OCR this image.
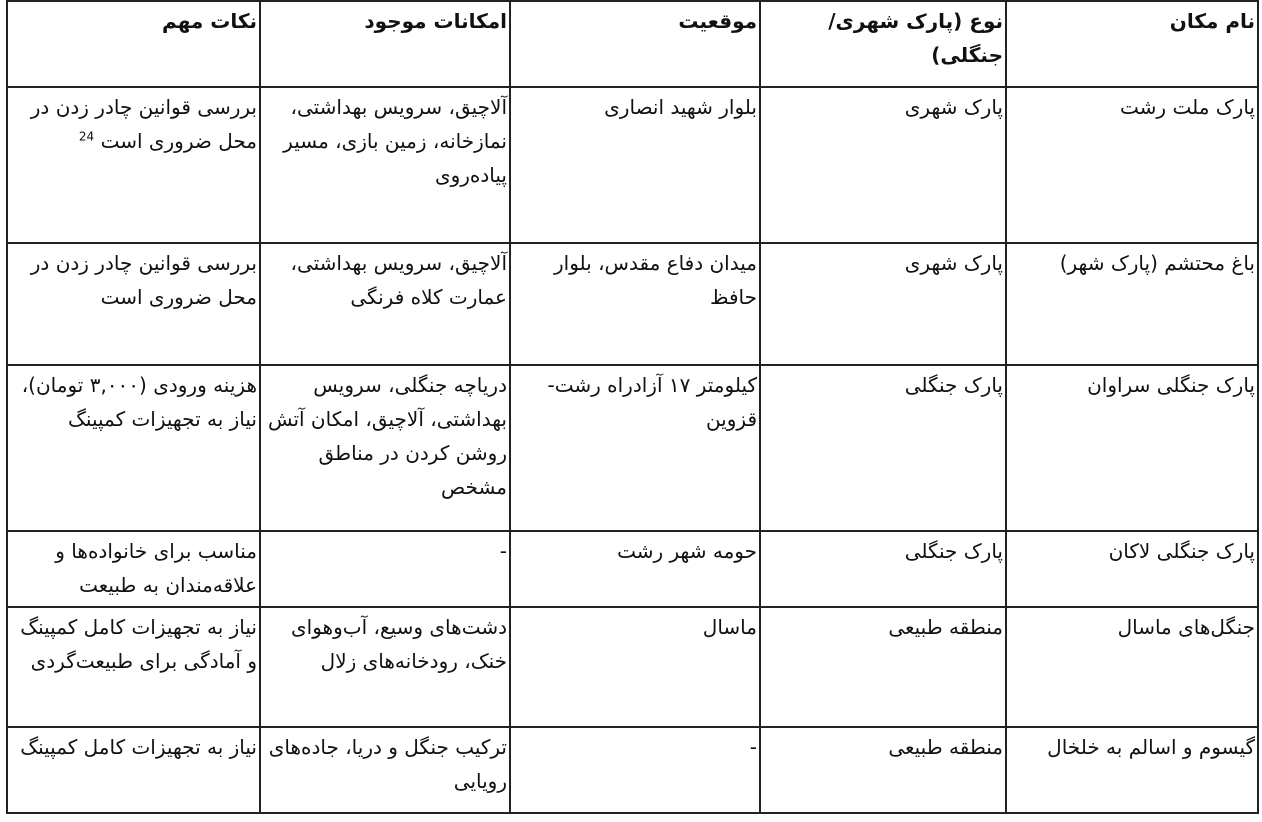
نام مکان	نوع (پارک شهری/جنگلی)	موقعیت	امکانات موجود	نکات مهم
پارک ملت رشت	پارک شهری	بلوار شهید انصاری	آلاچیق، سرویس بهداشتی، نمازخانه، زمین بازی، مسیر پیاده‌روی	بررسی قوانین چادر زدن در محل ضروری است $^{24}$
باغ محتشم (پارک شهر)	پارک شهری	میدان دفاع مقدس، بلوار حافظ	آلاچیق، سرویس بهداشتی، عمارت کلاه فرنگی	بررسی قوانین چادر زدن در محل ضروری است
پارک جنگلی سراوان	پارک جنگلی	کیلومتر ۱۷ آزادراه رشت-قزوین	دریاچه جنگلی، سرویس بهداشتی، آلاچیق، امکان آتش روشن کردن در مناطق مشخص	هزینه ورودی (۳,۰۰۰ تومان)، نیاز به تجهیزات کمپینگ
پارک جنگلی لاکان	پارک جنگلی	حومه شهر رشت	-	مناسب برای خانواده‌ها و علاقه‌مندان به طبیعت
جنگل‌های ماسال	منطقه طبیعی	ماسال	دشت‌های وسیع، آب‌وهوای خنک، رودخانه‌های زلال	نیاز به تجهیزات کامل کمپینگ و آمادگی برای طبیعت‌گردی
گیسوم و اسالم به خلخال	منطقه طبیعی	-	ترکیب جنگل و دریا، جاده‌های رویایی	نیاز به تجهیزات کامل کمپینگ
